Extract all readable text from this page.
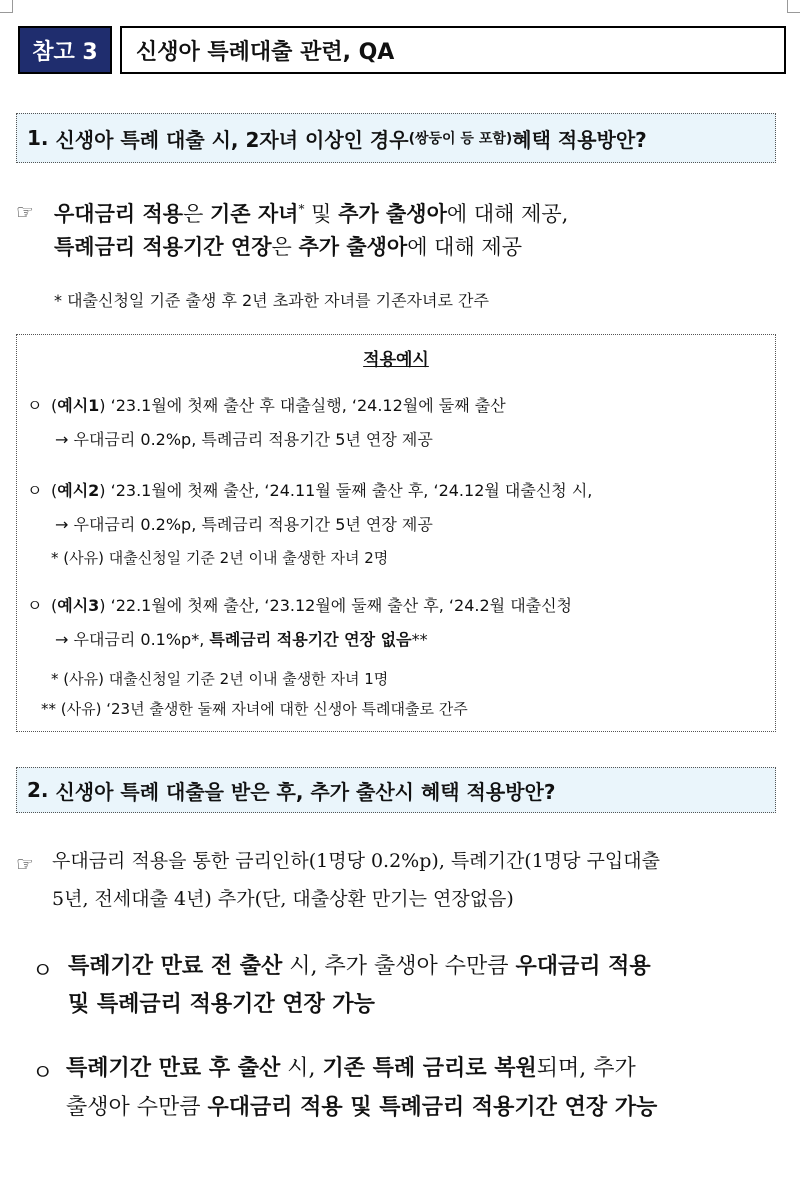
참고 3	신생아 특례대출 관련, QA
1.
신생아 특례 대출 시, 2자녀 이상인 경우 (쌍둥이 등 포함) 혜택 적용방안?
☞ 우대금리 적용은 기존 자녀* 및 추가 출생아에 대해 제공,
특례금리 적용기간 연장은 추가 출생아에 대해 제공
* 대출신청일 기준 출생 후 2년 초과한 자녀를 기존자녀로 간주
적용예시
ㅇ (예시1) ‘23.1월에 첫째 출산 후 대출실행, ‘24.12월에 둘째 출산
→ 우대금리 0.2%p, 특례금리 적용기간 5년 연장 제공
ㅇ (예시2) ‘23.1월에 첫째 출산, ‘24.11월 둘째 출산 후, ‘24.12월 대출신청 시,
→ 우대금리 0.2%p, 특례금리 적용기간 5년 연장 제공
* (사유) 대출신청일 기준 2년 이내 출생한 자녀 2명
ㅇ (예시3) ‘22.1월에 첫째 출산, ‘23.12월에 둘째 출산 후, ‘24.2월 대출신청
→ 우대금리 0.1%p*, 특례금리 적용기간 연장 없음**
* (사유) 대출신청일 기준 2년 이내 출생한 자녀 1명
** (사유) ‘23년 출생한 둘째 자녀에 대한 신생아 특례대출로 간주
2.
신생아 특례 대출을 받은 후, 추가 출산시 혜택 적용방안?
☞ 우대금리 적용을 통한 금리인하(1명당 0.2%p), 특례기간(1명당 구입대출
5년, 전세대출 4년) 추가(단, 대출상환 만기는 연장없음)
ㅇ 특례기간 만료 전 출산 시, 추가 출생아 수만큼 우대금리 적용
및 특례금리 적용기간 연장 가능
ㅇ 특례기간 만료 후 출산 시, 기존 특례 금리로 복원되며, 추가
출생아 수만큼 우대금리 적용 및 특례금리 적용기간 연장 가능
